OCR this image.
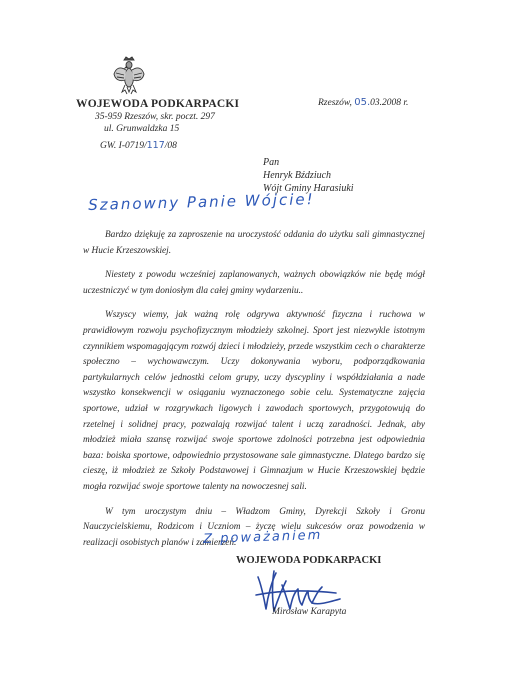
WOJEWODA PODKARPACKI
35-959 Rzeszów, skr. poczt. 297
ul. Grunwaldzka 15
Rzeszów, 05.03.2008 r.
GW. I-0719/117/08
Pan
Henryk Bździuch
Wójt Gminy Harasiuki
Szanowny Panie Wójcie!

Bardzo dziękuję za zaproszenie na uroczystość oddania do użytku sali gimnastycznej w Hucie Krzeszowskiej.

Niestety z powodu wcześniej zaplanowanych, ważnych obowiązków nie będę mógł uczestniczyć w tym doniosłym dla całej gminy wydarzeniu..

Wszyscy wiemy, jak ważną rolę odgrywa aktywność fizyczna i ruchowa w prawidłowym rozwoju psychofizycznym młodzieży szkolnej. Sport jest niezwykle istotnym czynnikiem wspomagającym rozwój dzieci i młodzieży, przede wszystkim cech o charakterze społeczno – wychowawczym. Uczy dokonywania wyboru, podporządkowania partykularnych celów jednostki celom grupy, uczy dyscypliny i współdziałania a nade wszystko konsekwencji w osiąganiu wyznaczonego sobie celu. Systematyczne zajęcia sportowe, udział w rozgrywkach ligowych i zawodach sportowych, przygotowują do rzetelnej i solidnej pracy, pozwalają rozwijać talent i uczą zaradności. Jednak, aby młodzież miała szansę rozwijać swoje sportowe zdolności potrzebna jest odpowiednia baza: boiska sportowe, odpowiednio przystosowane sale gimnastyczne. Dlatego bardzo się cieszę, iż młodzież ze Szkoły Podstawowej i Gimnazjum w Hucie Krzeszowskiej będzie mogła rozwijać swoje sportowe talenty na nowoczesnej sali.

W tym uroczystym dniu – Władzom Gminy, Dyrekcji Szkoły i Gronu Nauczycielskiemu, Rodzicom i Uczniom – życzę wielu sukcesów oraz powodzenia w realizacji osobistych planów i zamierzeń.

Z poważaniem
WOJEWODA PODKARPACKI
Mirosław Karapyta
